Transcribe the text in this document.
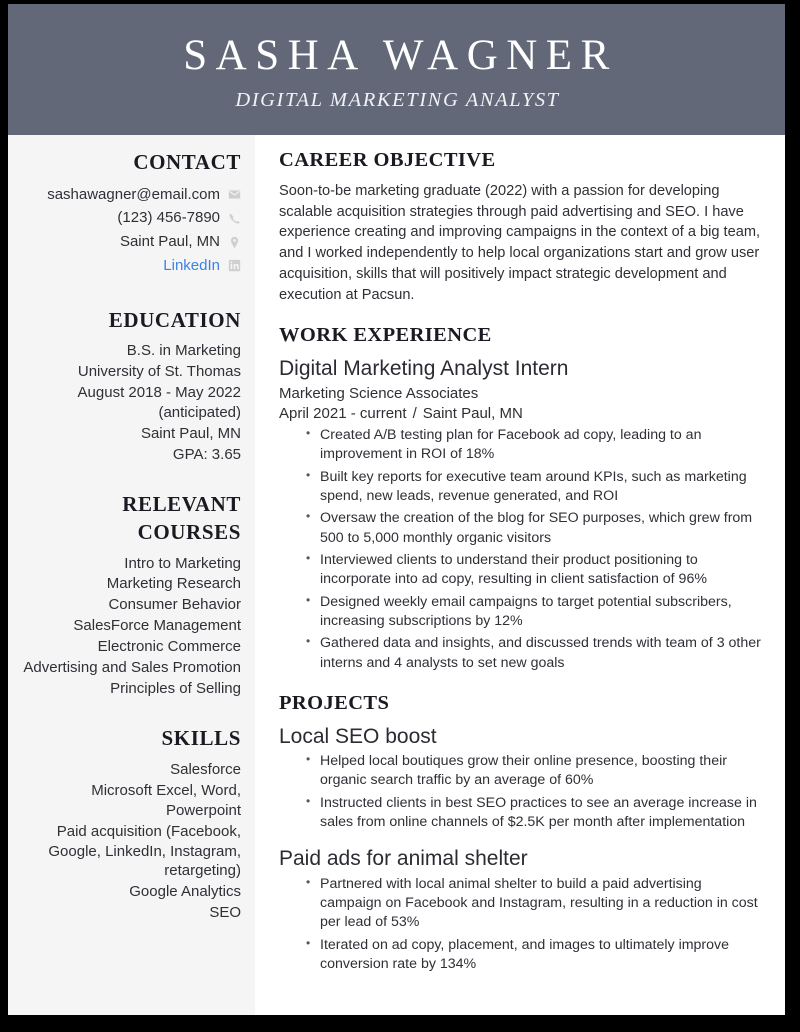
SASHA WAGNER
DIGITAL MARKETING ANALYST
CONTACT
sashawagner@email.com
(123) 456-7890
Saint Paul, MN
LinkedIn
EDUCATION
B.S. in Marketing
University of St. Thomas
August 2018 - May 2022 (anticipated)
Saint Paul, MN
GPA: 3.65
RELEVANT COURSES
Intro to Marketing
Marketing Research
Consumer Behavior
SalesForce Management
Electronic Commerce
Advertising and Sales Promotion
Principles of Selling
SKILLS
Salesforce
Microsoft Excel, Word, Powerpoint
Paid acquisition (Facebook, Google, LinkedIn, Instagram, retargeting)
Google Analytics
SEO
CAREER OBJECTIVE
Soon-to-be marketing graduate (2022) with a passion for developing scalable acquisition strategies through paid advertising and SEO. I have experience creating and improving campaigns in the context of a big team, and I worked independently to help local organizations start and grow user acquisition, skills that will positively impact strategic development and execution at Pacsun.
WORK EXPERIENCE
Digital Marketing Analyst Intern
Marketing Science Associates
April 2021 - current / Saint Paul, MN
• Created A/B testing plan for Facebook ad copy, leading to an improvement in ROI of 18%
• Built key reports for executive team around KPIs, such as marketing spend, new leads, revenue generated, and ROI
• Oversaw the creation of the blog for SEO purposes, which grew from 500 to 5,000 monthly organic visitors
• Interviewed clients to understand their product positioning to incorporate into ad copy, resulting in client satisfaction of 96%
• Designed weekly email campaigns to target potential subscribers, increasing subscriptions by 12%
• Gathered data and insights, and discussed trends with team of 3 other interns and 4 analysts to set new goals
PROJECTS
Local SEO boost
• Helped local boutiques grow their online presence, boosting their organic search traffic by an average of 60%
• Instructed clients in best SEO practices to see an average increase in sales from online channels of $2.5K per month after implementation
Paid ads for animal shelter
• Partnered with local animal shelter to build a paid advertising campaign on Facebook and Instagram, resulting in a reduction in cost per lead of 53%
• Iterated on ad copy, placement, and images to ultimately improve conversion rate by 134%
